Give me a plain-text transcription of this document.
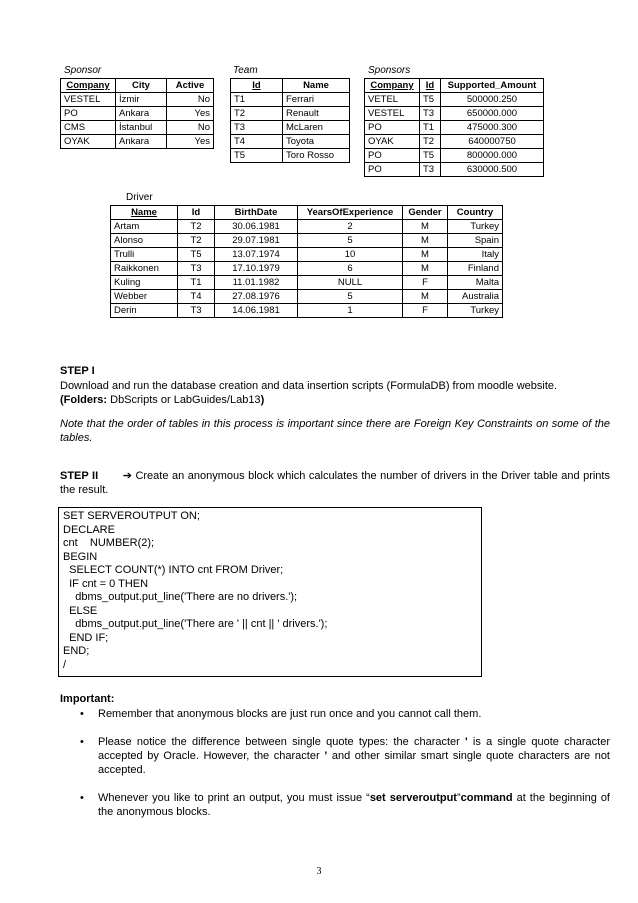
Sponsor
Company	City	Active
VESTEL	İzmir	No
PO	Ankara	Yes
CMS	İstanbul	No
OYAK	Ankara	Yes
Team
Id	Name
T1	Ferrari
T2	Renault
T3	McLaren
T4	Toyota
T5	Toro Rosso
Sponsors
Company	Id	Supported_Amount
VETEL	T5	500000.250
VESTEL	T3	650000.000
PO	T1	475000.300
OYAK	T2	640000750
PO	T5	800000.000
PO	T3	630000.500
Driver
Name	Id	BirthDate	YearsOfExperience	Gender	Country
Artam	T2	30.06.1981	2	M	Turkey
Alonso	T2	29.07.1981	5	M	Spain
Trulli	T5	13.07.1974	10	M	Italy
Raikkonen	T3	17.10.1979	6	M	Finland
Kuling	T1	11.01.1982	NULL	F	Malta
Webber	T4	27.08.1976	5	M	Australia
Derin	T3	14.06.1981	1	F	Turkey
STEP I
Download and run the database creation and data insertion scripts (FormulaDB) from moodle website.
(Folders: DbScripts or LabGuides/Lab13)
Note that the order of tables in this process is important since there are Foreign Key Constraints on some of the tables.
STEP II ➔ Create an anonymous block which calculates the number of drivers in the Driver table and prints the result.
SET SERVEROUTPUT ON;
DECLARE
cnt    NUMBER(2);
BEGIN
SELECT COUNT(*) INTO cnt FROM Driver;
IF cnt = 0 THEN
dbms_output.put_line('There are no drivers.');
ELSE
dbms_output.put_line('There are ' || cnt || ' drivers.');
END IF;
END;
/
Important:
• Remember that anonymous blocks are just run once and you cannot call them.
• Please notice the difference between single quote types: the character ' is a single quote character accepted by Oracle. However, the character ’ and other similar smart single quote characters are not accepted.
• Whenever you like to print an output, you must issue “set serveroutput”command at the beginning of the anonymous blocks.
3
